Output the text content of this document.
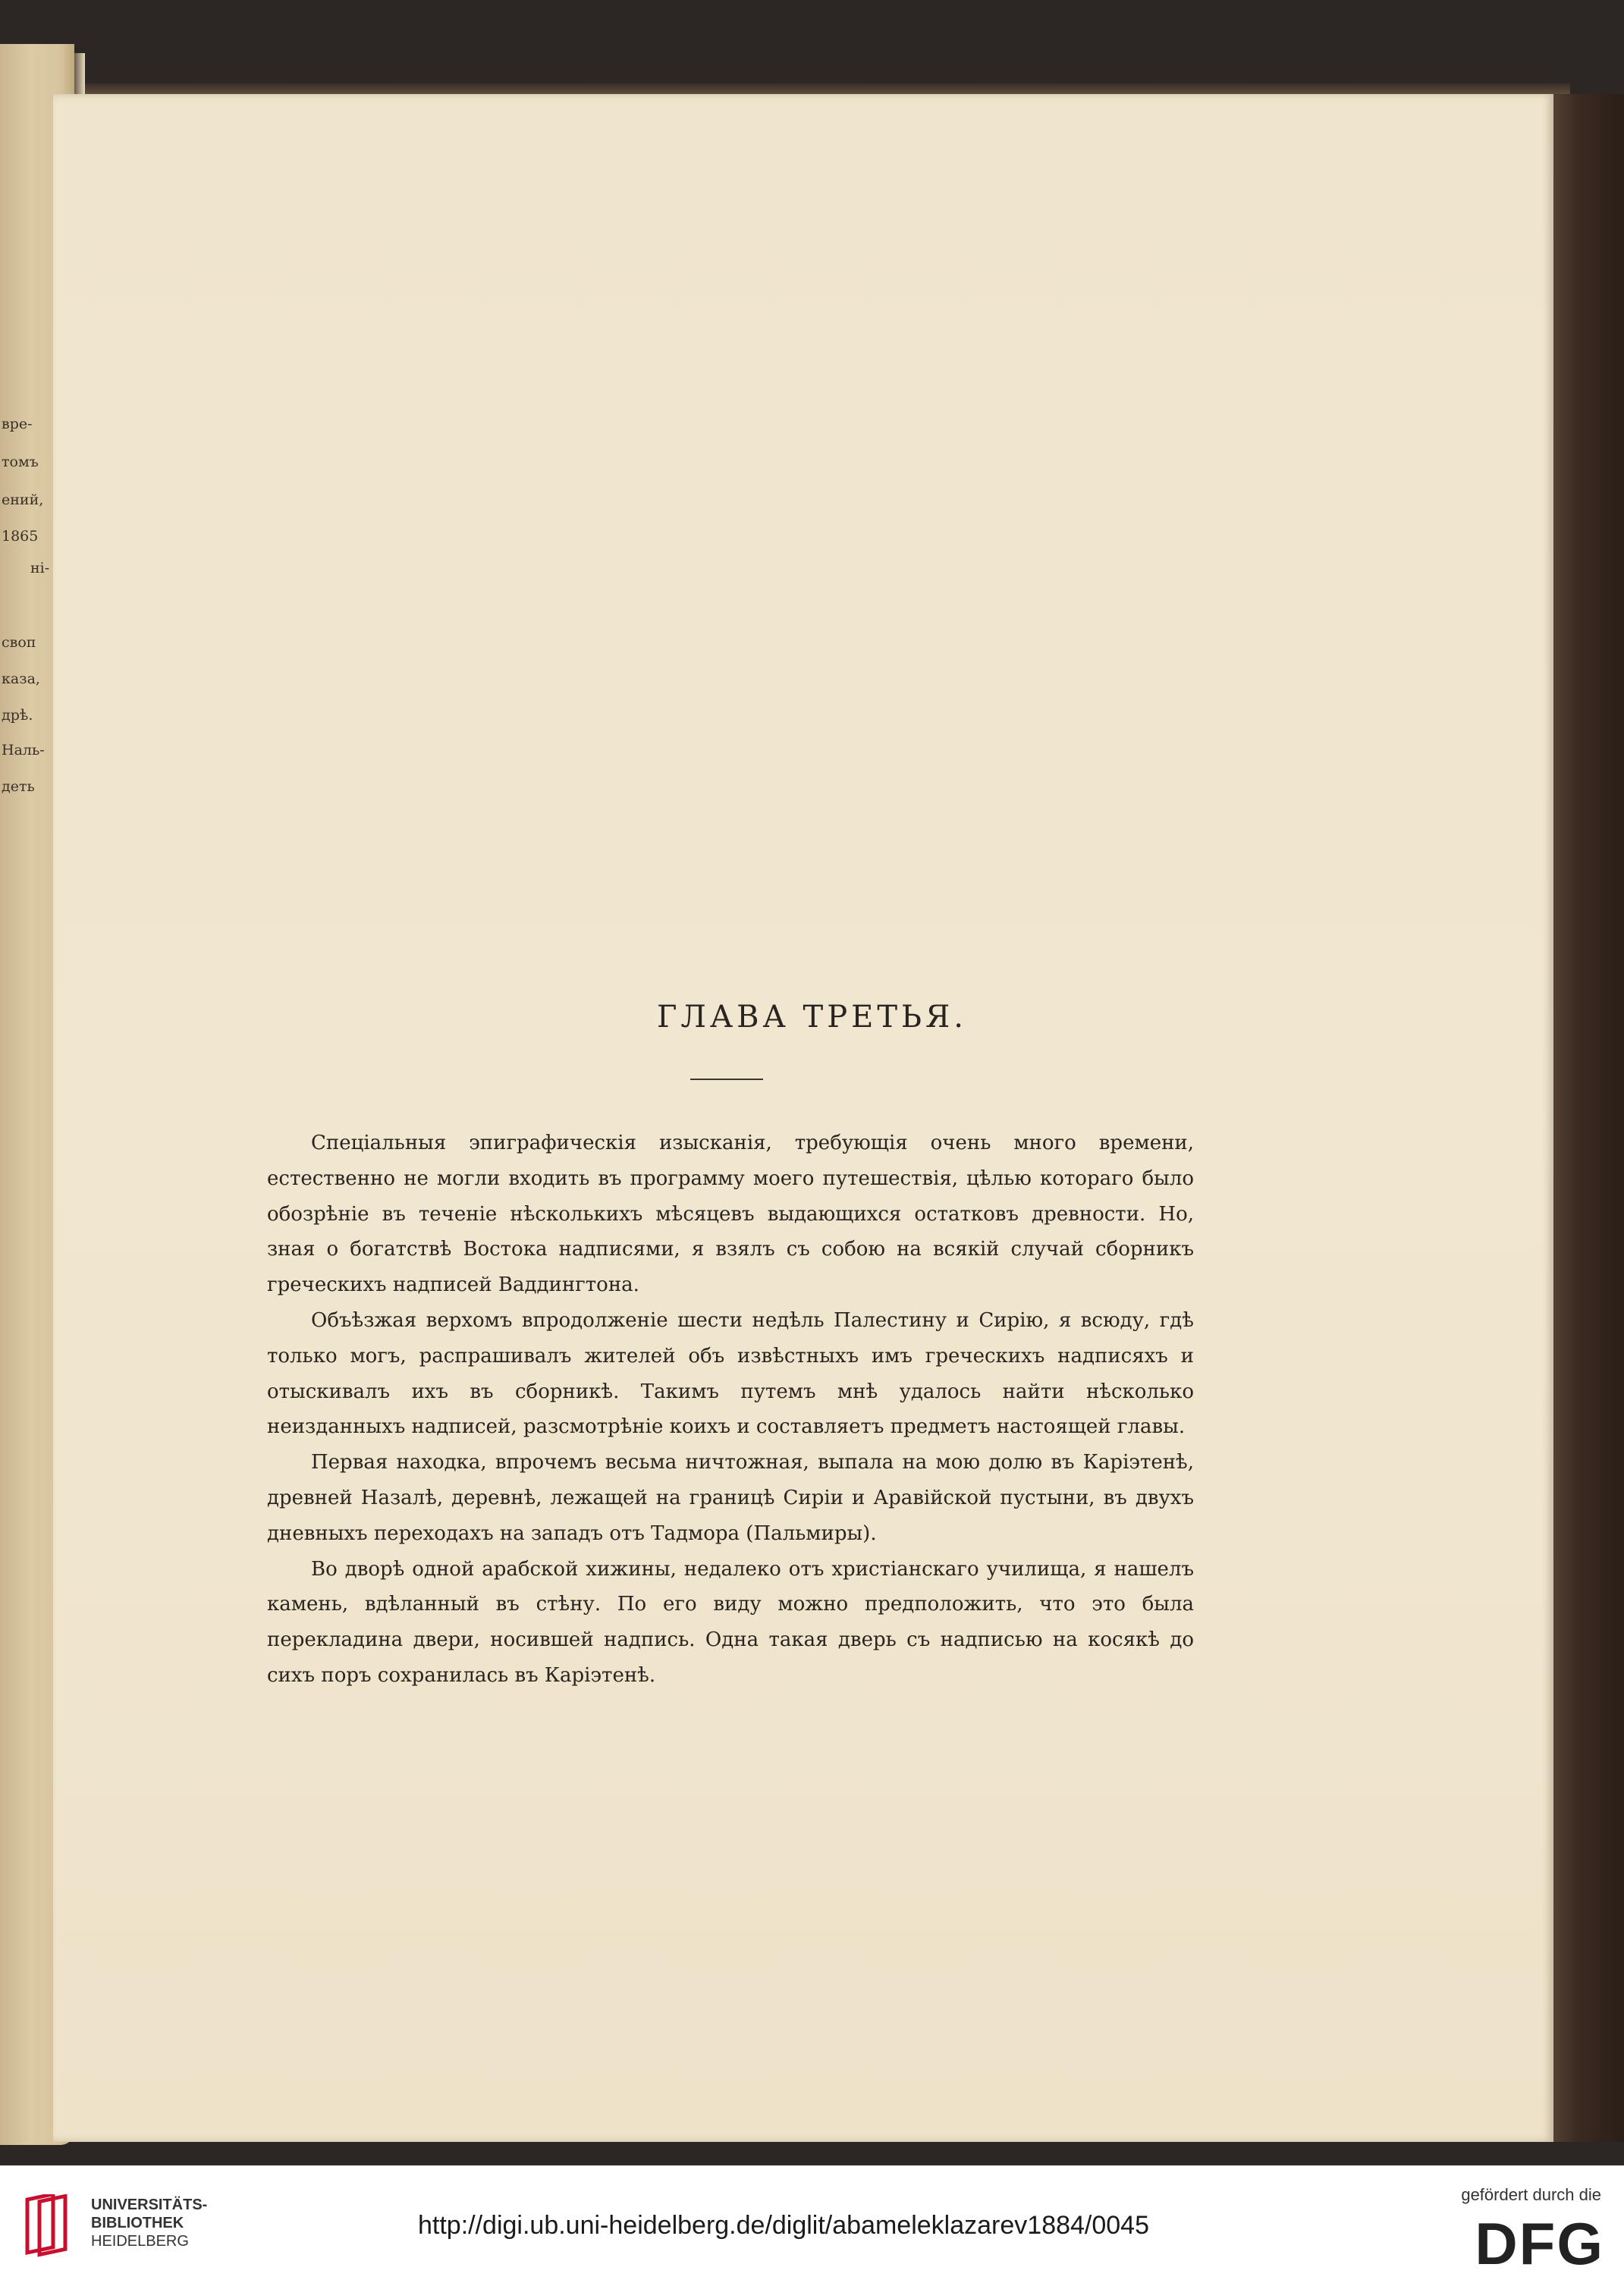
вре-
томъ
ений,
1865
ні-
своп
каза,
дрѣ.
Наль-
деть
ГЛАВА ТРЕТЬЯ.

Спеціальныя эпиграфическія изысканія, требующія очень много времени, естественно не могли входить въ программу моего путешествія, цѣлью котораго было обозрѣніе въ теченіе нѣсколькихъ мѣсяцевъ выдающихся остатковъ древности. Но, зная о богатствѣ Востока надписями, я взялъ съ собою на всякій случай сборникъ греческихъ надписей Ваддингтона.

Объѣзжая верхомъ впродолженіе шести недѣль Палестину и Сирію, я всюду, гдѣ только могъ, распрашивалъ жителей объ извѣстныхъ имъ греческихъ надписяхъ и отыскивалъ ихъ въ сборникѣ. Такимъ путемъ мнѣ удалось найти нѣсколько неизданныхъ надписей, разсмотрѣніе коихъ и составляетъ предметъ настоящей главы.

Первая находка, впрочемъ весьма ничтожная, выпала на мою долю въ Каріэтенѣ, древней Назалѣ, деревнѣ, лежащей на границѣ Сиріи и Аравійской пустыни, въ двухъ дневныхъ переходахъ на западъ отъ Тадмора (Пальмиры).

Во дворѣ одной арабской хижины, недалеко отъ христіанскаго училища, я нашелъ камень, вдѣланный въ стѣну. По его виду можно предположить, что это была перекладина двери, носившей надпись. Одна такая дверь съ надписью на косякѣ до сихъ поръ сохранилась въ Каріэтенѣ.

UNIVERSITÄTS-
BIBLIOTHEK
HEIDELBERG
http://digi.ub.uni-heidelberg.de/diglit/abameleklazarev1884/0045
gefördert durch die
DFG
